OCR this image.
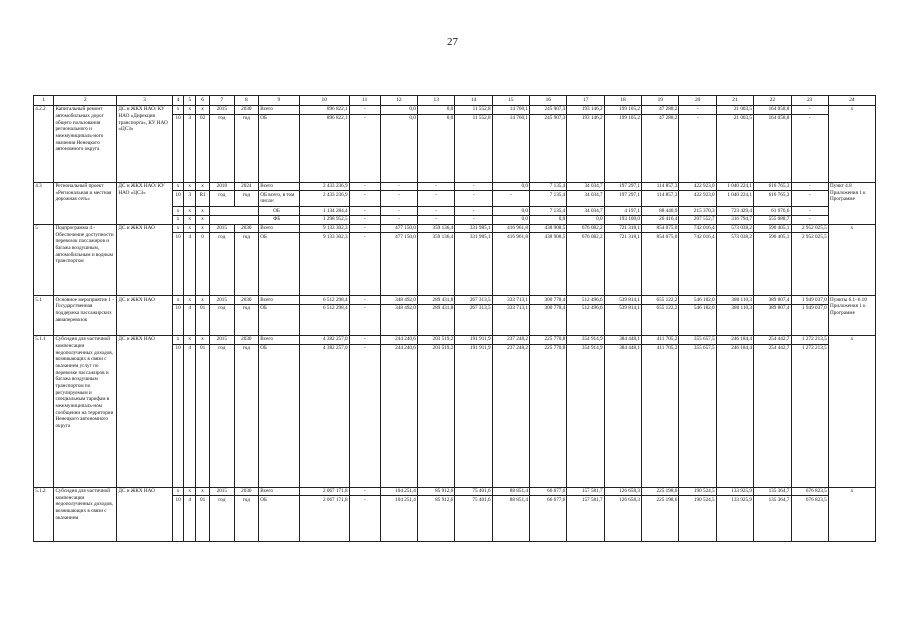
27
1	2	3	4	5	6	7	8	9	10	11	12	13	14	15	16	17	18	19	20	21	22	23	24
4.2.2	Капитальный ремонт автомобильных дорог общего пользования регионального и межмуниципаль-ного значения Ненецкого автономного округа	ДС и ЖКХ НАО/ КУ НАО «Дирекция транспорта», КУ НАО «ЦСЗ»	х	х	х	2015	2030	Всего	896 822,1	-	0,0	0,0	11 552,8	14 760,1	245 907,3	193 146,2	199 105,2	47 288,2	-	21 003,5	164 058,8	-	х
			10	3	02	год	год	ОБ	896 822,1	-	0,0	0,0	11 552,8	14 760,1	245 907,3	193 146,2	199 105,2	47 288,2	-	21 003,5	164 058,8	-	
4.3	Региональный проект «Региональная и местная дорожная сеть»	ДС и ЖКХ НАО/ КУ НАО «ЦСЗ»	х	х	х	2018	2024	Всего	2 433 236,9	-	-	-	-	0,0	7 135,4	34 034,7	197 297,1	114 857,3	422 923,0	1 040 224,1	616 765,3	-	Пункт 4.8 Приложения 1 к Программе
			10	3	R1	год	год	ОБ всего, в том числе:	2 433 236,9	-	-	-	-	-	7 135,4	34 034,7	197 297,1	114 857,3	422 923,0	1 040 224,1	616 765,3	-	
			х	х	х			ОБ	1 134 284,4	-	-	-	-	0,0	7 135,4	34 034,7	4 197,1	88 440,9	215 370,3	723 429,4	61 676,6	-	
			х	х	х			ФБ	1 298 952,5	-	-	-	-	0,0	0,0	0,0	193 100,0	26 416,4	207 552,7	316 794,7	555 088,7	-	
5	Подпрограмма 4 - Обеспечение доступности перевозок пассажиров и багажа воздушным, автомобильным и водным транспортом	ДС и ЖКХ НАО	х	х	х	2015	2030	Всего	9 133 302,3	-	477 150,0	359 136,4	331 985,1	416 961,8	438 908,5	676 082,2	721 318,1	854 075,0	742 016,4	573 038,2	590 405,1	2 952 025,5	х
			10	4	0	год	год	ОБ	9 133 302,3	-	477 150,0	359 136,4	331 985,1	416 961,8	438 908,5	676 082,2	721 318,1	854 075,0	742 016,4	573 038,2	590 405,1	2 952 025,5	
5.1	Основное мероприятие 1 - Государственная поддержка пассажирских авиаперевозок	ДС и ЖКХ НАО	х	х	х	2015	2030	Всего	6 512 298,4	-	348 492,0	289 431,8	267 313,5	333 713,1	300 778,4	512 496,6	539 814,1	655 122,2	546 182,0	380 110,3	389 807,4	1 949 037,0	Пункты 6.1–6.10 Приложения 1 к Программе
			10	4	01	год	год	ОБ	6 512 298,4	-	348 492,0	289 431,8	267 313,5	333 713,1	300 778,4	512 496,6	539 814,1	655 122,2	546 182,0	380 110,3	389 807,4	1 949 037,0	
5.1.1	Субсидия для частичной компенсации недополученных доходов, возникающих в связи с оказанием услуг по перевозке пассажиров и багажа воздушным транспортом по регулируемым и специальным тарифам в межмуниципаль-ном сообщении на территории Ненецкого автономного округа	ДС и ЖКХ НАО	х	х	х	2015	2030	Всего	4 382 257,0	-	244 240,6	203 519,2	191 911,9	237 248,2	225 770,8	354 914,9	384 448,1	411 705,2	355 657,5	246 184,4	254 442,7	1 272 213,5	х
			10	4	01	год	год	ОБ	4 382 257,0	-	244 240,6	203 519,2	191 911,9	237 248,2	225 770,8	354 914,9	384 448,1	411 705,2	355 657,5	246 184,4	254 442,7	1 272 213,5	
5.1.2	Субсидия для частичной компенсации недополученных доходов, возникающих в связи с оказанием	ДС и ЖКХ НАО	х	х	х	2015	2030	Всего	2 067 171,8	-	104 251,4	85 912,6	75 401,6	88 851,4	66 677,6	157 581,7	126 658,3	225 198,6	190 524,5	133 925,9	135 364,7	676 823,5	х
			10	4	01	год	год	ОБ	2 067 171,8	-	104 251,4	85 912,6	75 401,6	88 851,4	66 677,6	157 581,7	126 658,3	225 198,6	190 524,5	133 925,9	135 364,7	676 823,5	
